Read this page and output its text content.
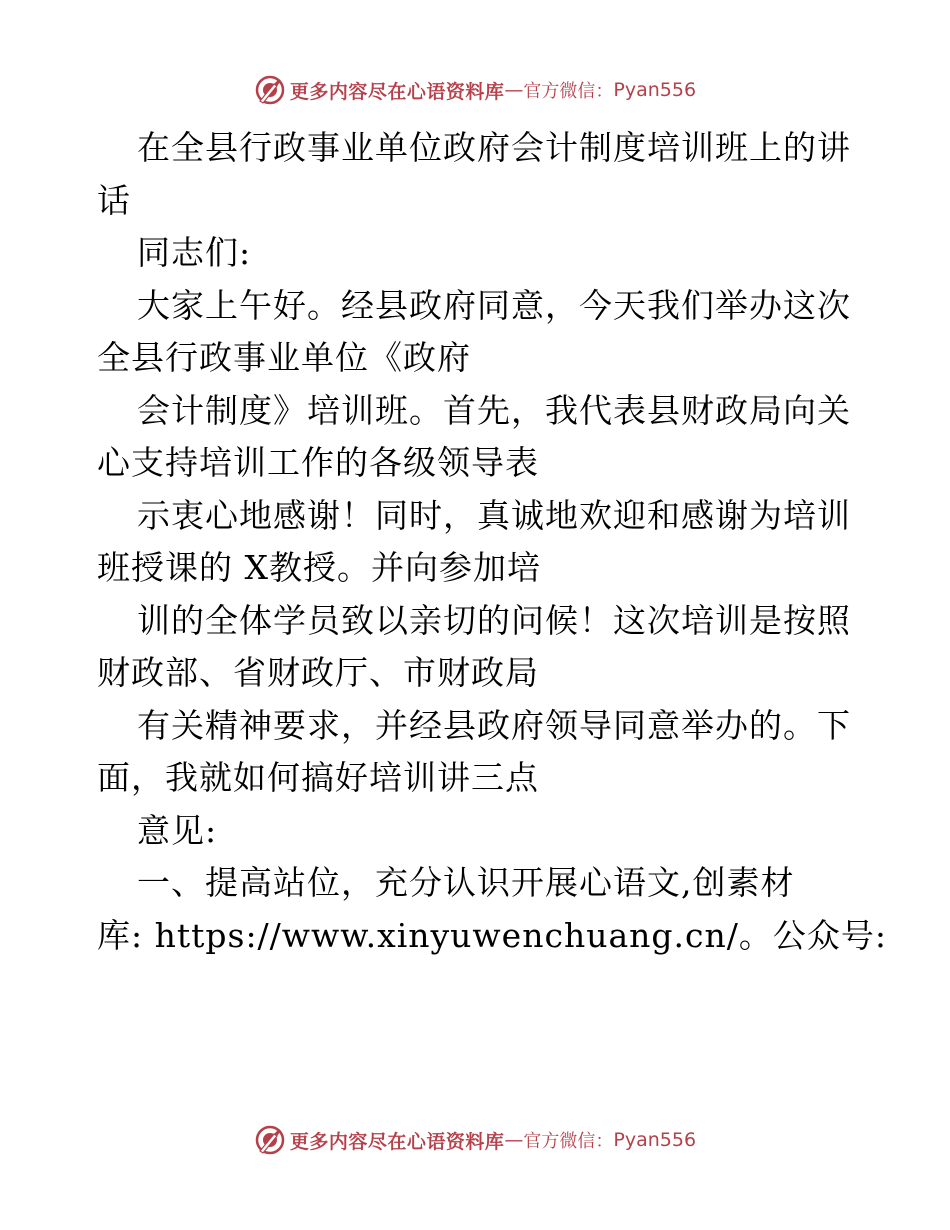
更多内容尽在心语资料库 — 官方微信： Pyan556

在全县行政事业单位政府会计制度培训班上的讲
话

同志们:

大家上午好。经县政府同意，今天我们举办这次
全县行政事业单位《政府

会计制度》培训班。首先，我代表县财政局向关
心支持培训工作的各级领导表

示衷心地感谢！同时，真诚地欢迎和感谢为培训
班授课的 X教授。并向参加培

训的全体学员致以亲切的问候！这次培训是按照
财政部、省财政厅、市财政局

有关精神要求，并经县政府领导同意举办的。下
面，我就如何搞好培训讲三点

意见:

一、提高站位，充分认识开展心语文,创素材
库: https://www.xinyuwenchuang.cn/。公众号:

更多内容尽在心语资料库 — 官方微信： Pyan556
